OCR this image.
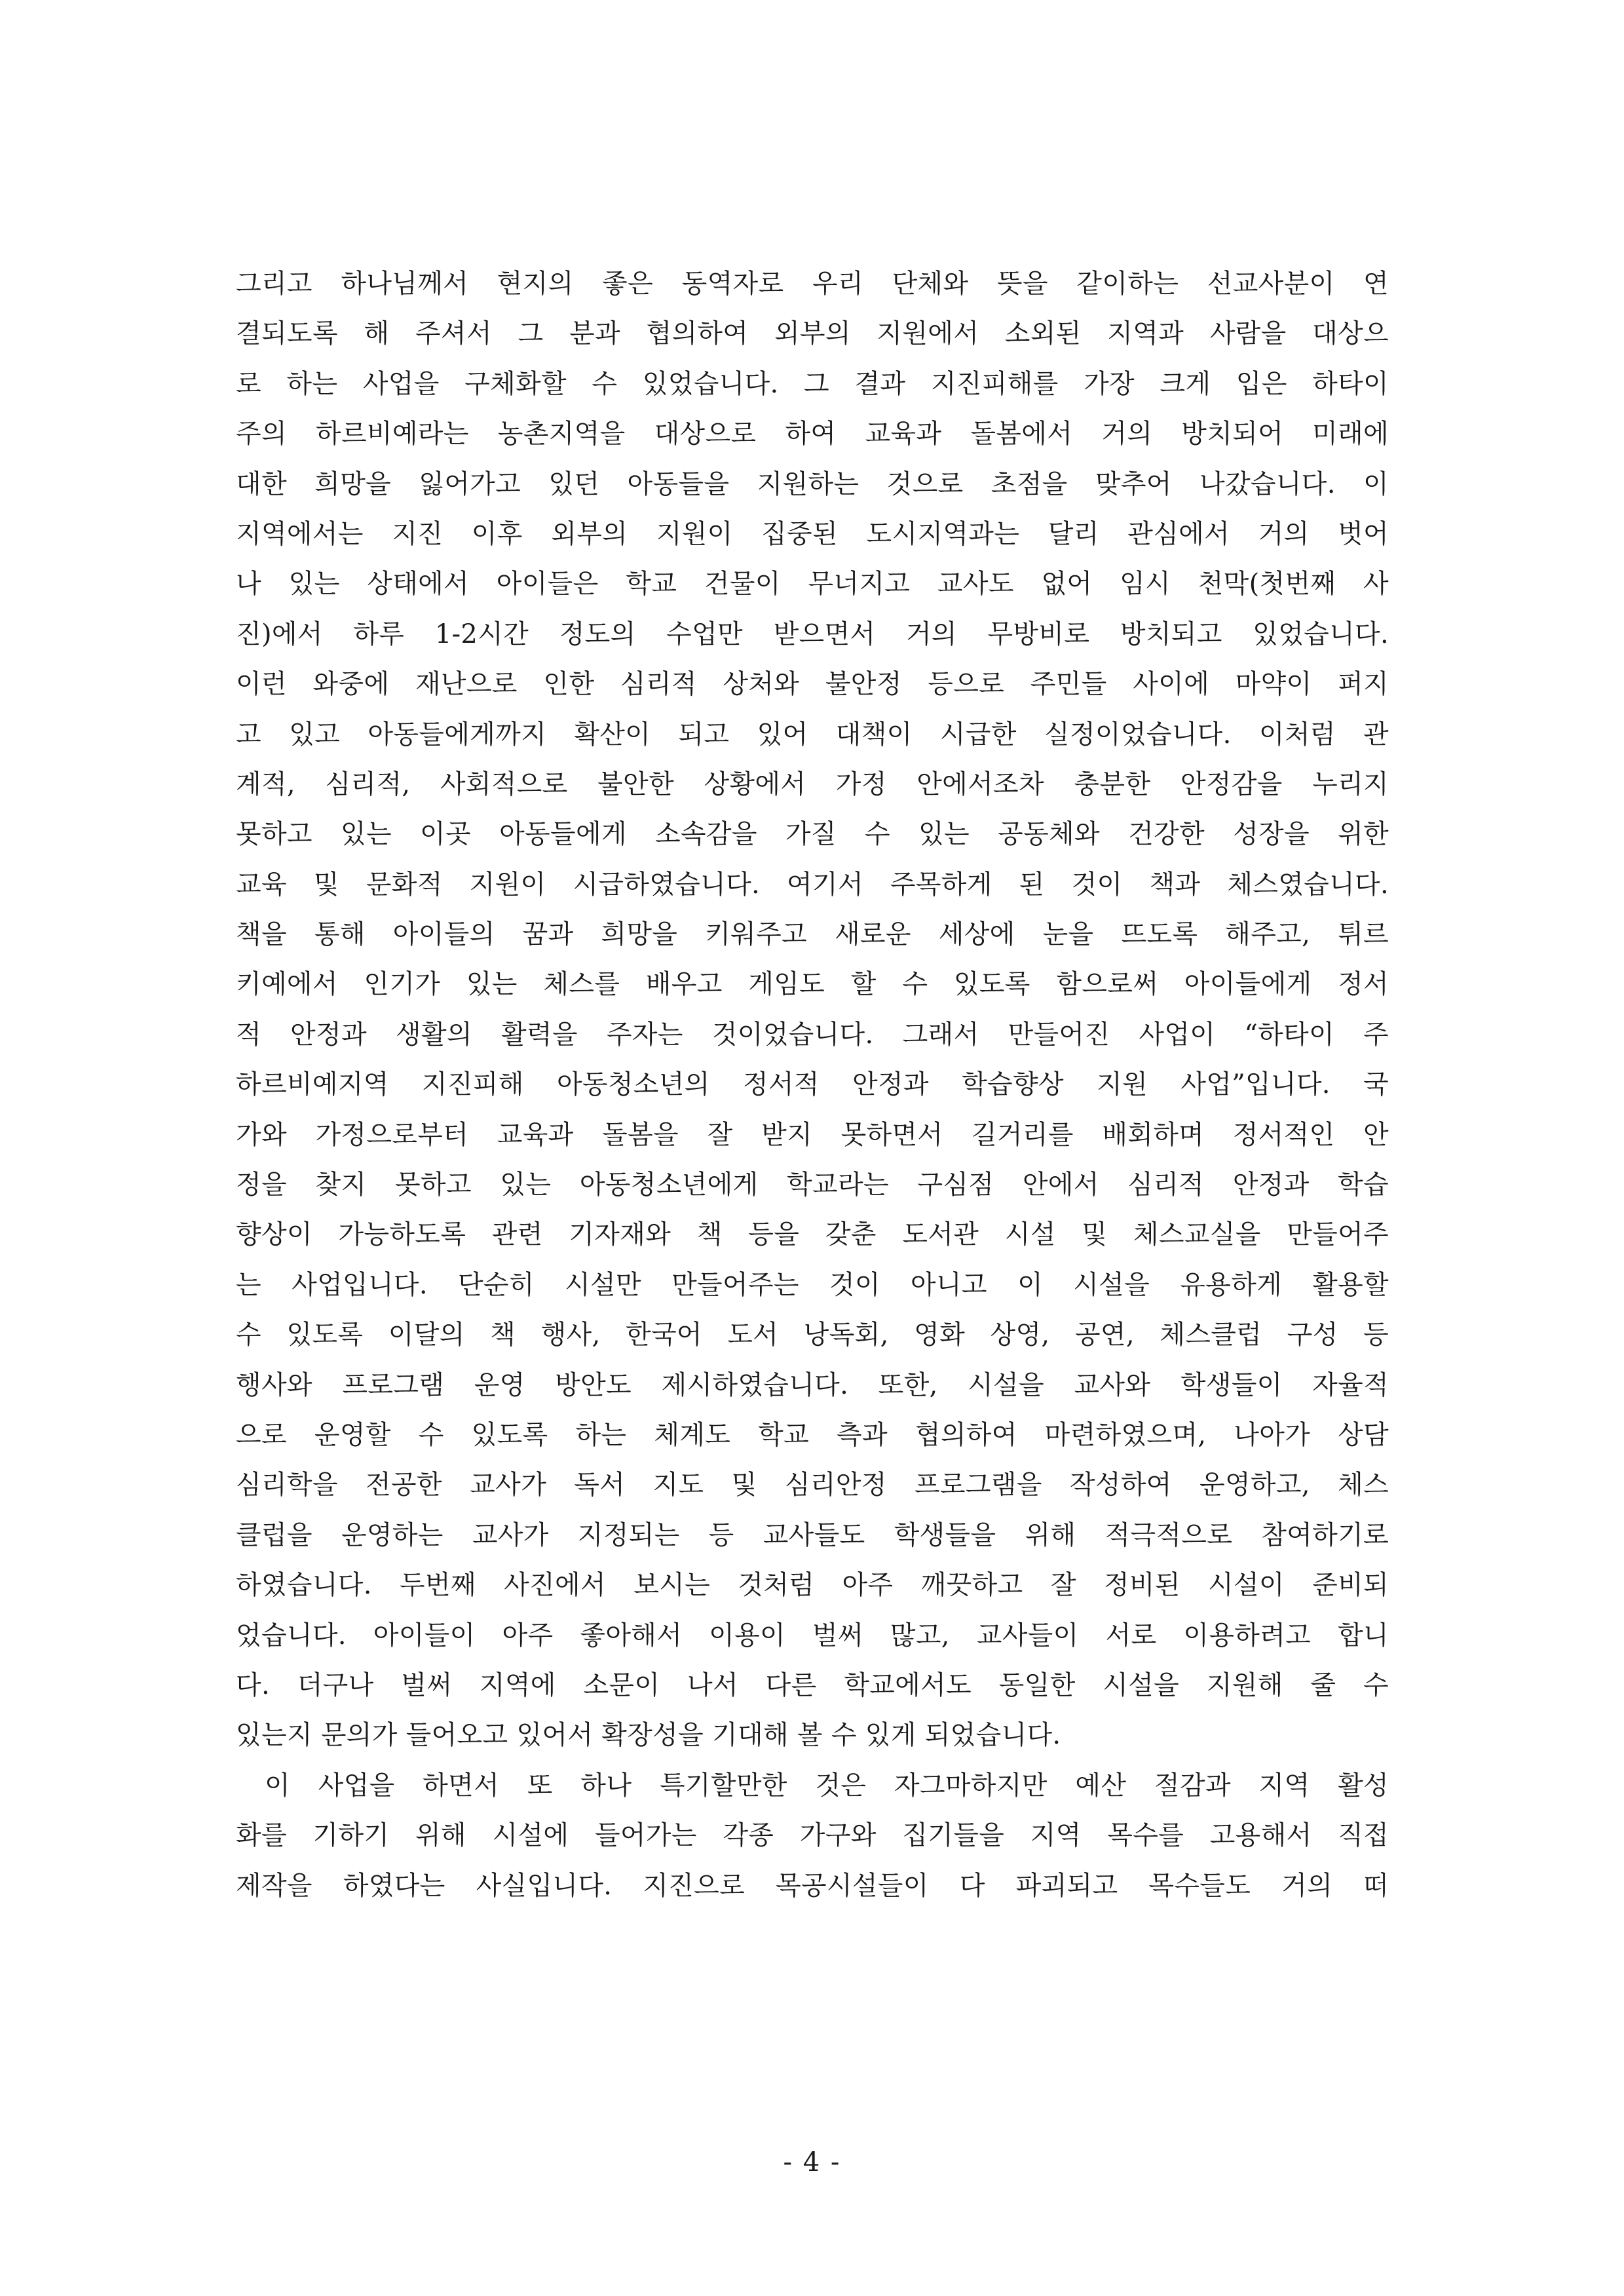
그리고 하나님께서 현지의 좋은 동역자로 우리 단체와 뜻을 같이하는 선교사분이 연
결되도록 해 주셔서 그 분과 협의하여 외부의 지원에서 소외된 지역과 사람을 대상으
로 하는 사업을 구체화할 수 있었습니다. 그 결과 지진피해를 가장 크게 입은 하타이
주의 하르비예라는 농촌지역을 대상으로 하여 교육과 돌봄에서 거의 방치되어 미래에
대한 희망을 잃어가고 있던 아동들을 지원하는 것으로 초점을 맞추어 나갔습니다. 이
지역에서는 지진 이후 외부의 지원이 집중된 도시지역과는 달리 관심에서 거의 벗어
나 있는 상태에서 아이들은 학교 건물이 무너지고 교사도 없어 임시 천막(첫번째 사
진)에서 하루 1-2시간 정도의 수업만 받으면서 거의 무방비로 방치되고 있었습니다.
이런 와중에 재난으로 인한 심리적 상처와 불안정 등으로 주민들 사이에 마약이 퍼지
고 있고 아동들에게까지 확산이 되고 있어 대책이 시급한 실정이었습니다. 이처럼 관
계적, 심리적, 사회적으로 불안한 상황에서 가정 안에서조차 충분한 안정감을 누리지
못하고 있는 이곳 아동들에게 소속감을 가질 수 있는 공동체와 건강한 성장을 위한
교육 및 문화적 지원이 시급하였습니다. 여기서 주목하게 된 것이 책과 체스였습니다.
책을 통해 아이들의 꿈과 희망을 키워주고 새로운 세상에 눈을 뜨도록 해주고, 튀르
키예에서 인기가 있는 체스를 배우고 게임도 할 수 있도록 함으로써 아이들에게 정서
적 안정과 생활의 활력을 주자는 것이었습니다. 그래서 만들어진 사업이 “하타이 주
하르비예지역 지진피해 아동청소년의 정서적 안정과 학습향상 지원 사업”입니다. 국
가와 가정으로부터 교육과 돌봄을 잘 받지 못하면서 길거리를 배회하며 정서적인 안
정을 찾지 못하고 있는 아동청소년에게 학교라는 구심점 안에서 심리적 안정과 학습
향상이 가능하도록 관련 기자재와 책 등을 갖춘 도서관 시설 및 체스교실을 만들어주
는 사업입니다. 단순히 시설만 만들어주는 것이 아니고 이 시설을 유용하게 활용할
수 있도록 이달의 책 행사, 한국어 도서 낭독회, 영화 상영, 공연, 체스클럽 구성 등
행사와 프로그램 운영 방안도 제시하였습니다. 또한, 시설을 교사와 학생들이 자율적
으로 운영할 수 있도록 하는 체계도 학교 측과 협의하여 마련하였으며, 나아가 상담
심리학을 전공한 교사가 독서 지도 및 심리안정 프로그램을 작성하여 운영하고, 체스
클럽을 운영하는 교사가 지정되는 등 교사들도 학생들을 위해 적극적으로 참여하기로
하였습니다. 두번째 사진에서 보시는 것처럼 아주 깨끗하고 잘 정비된 시설이 준비되
었습니다. 아이들이 아주 좋아해서 이용이 벌써 많고, 교사들이 서로 이용하려고 합니
다. 더구나 벌써 지역에 소문이 나서 다른 학교에서도 동일한 시설을 지원해 줄 수
있는지 문의가 들어오고 있어서 확장성을 기대해 볼 수 있게 되었습니다.
이 사업을 하면서 또 하나 특기할만한 것은 자그마하지만 예산 절감과 지역 활성
화를 기하기 위해 시설에 들어가는 각종 가구와 집기들을 지역 목수를 고용해서 직접
제작을 하였다는 사실입니다. 지진으로 목공시설들이 다 파괴되고 목수들도 거의 떠
- 4 -
